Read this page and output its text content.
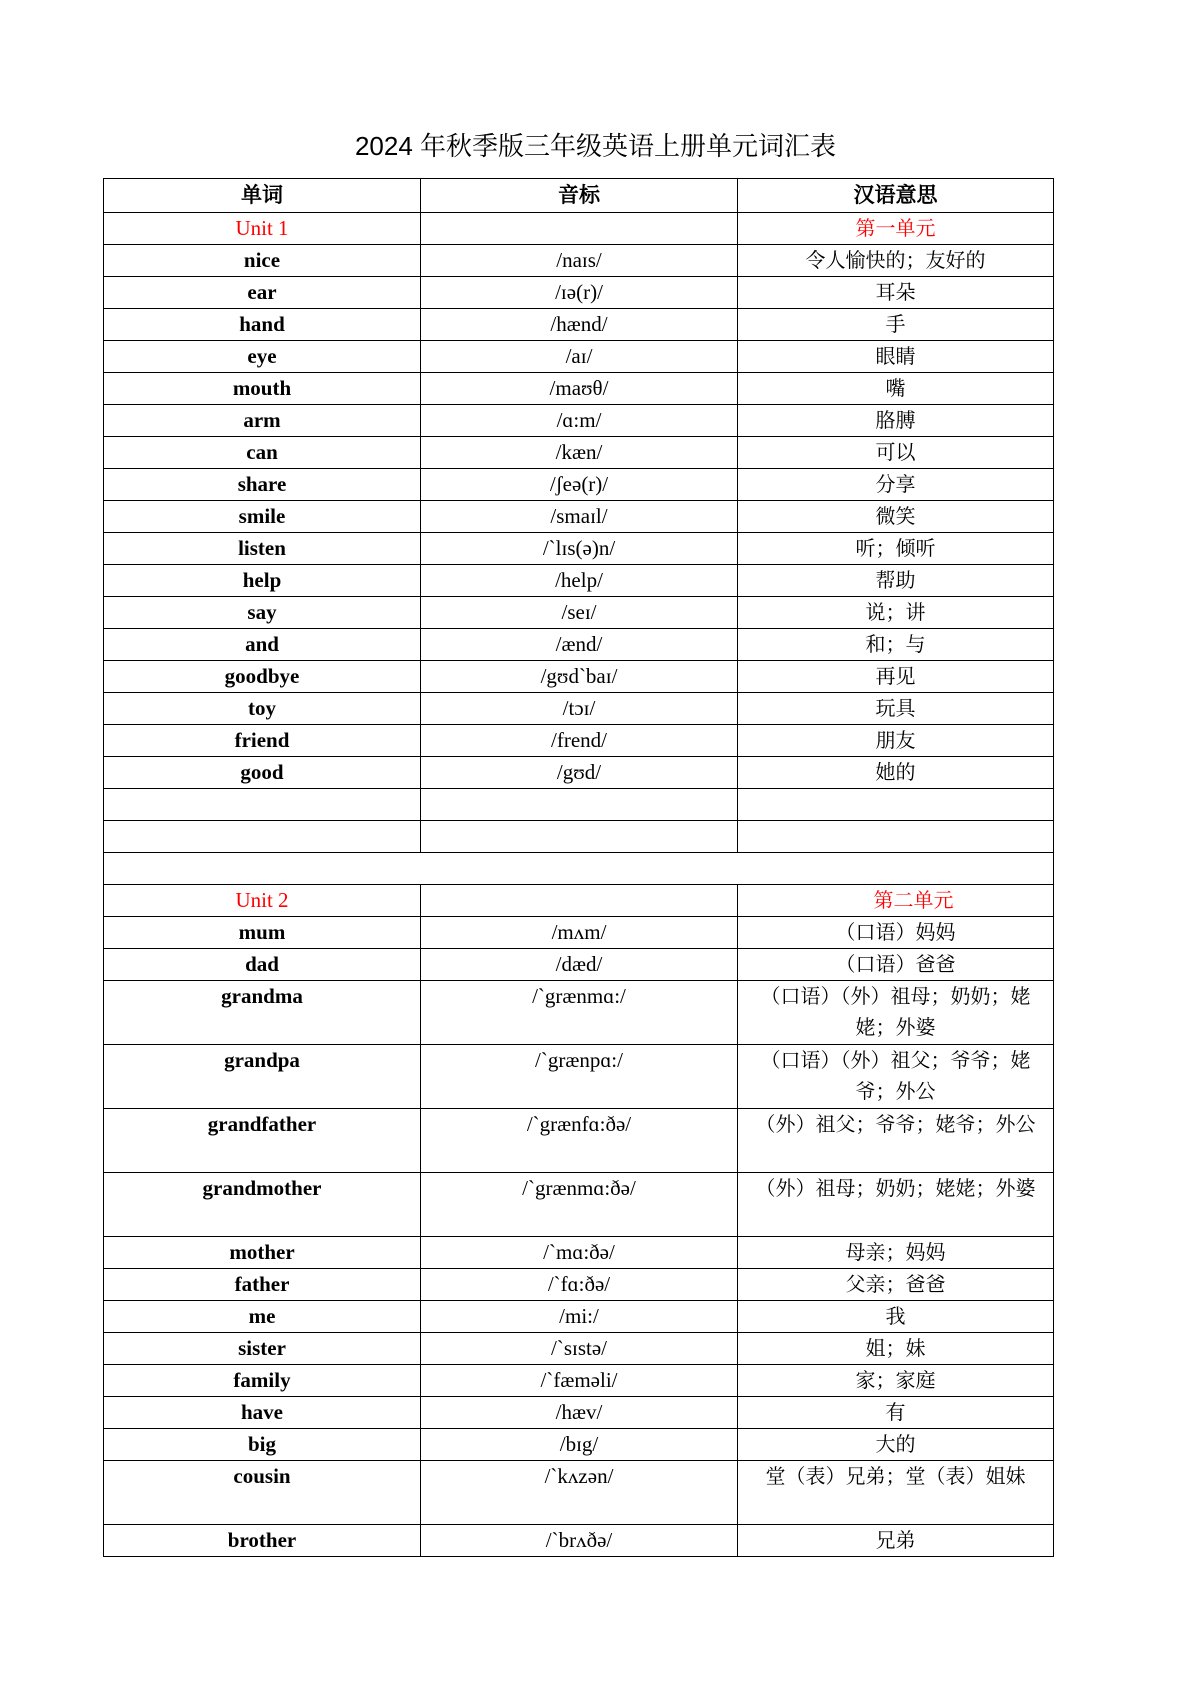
2024 年秋季版三年级英语上册单元词汇表
单词	音标	汉语意思
Unit 1		第一单元
nice	/naɪs/	令人愉快的；友好的
ear	/ɪə(r)/	耳朵
hand	/hænd/	手
eye	/aɪ/	眼睛
mouth	/maʊθ/	嘴
arm	/ɑ:m/	胳膊
can	/kæn/	可以
share	/ʃeə(r)/	分享
smile	/smaɪl/	微笑
listen	/`lɪs(ə)n/	听；倾听
help	/help/	帮助
say	/seɪ/	说；讲
and	/ænd/	和；与
goodbye	/gʊd`baɪ/	再见
toy	/tɔɪ/	玩具
friend	/frend/	朋友
good	/gʊd/	她的

Unit 2		第二单元
mum	/mʌm/	（口语）妈妈
dad	/dæd/	（口语）爸爸
grandma	/`grænmɑ:/	（口语）（外）祖母；奶奶；姥姥；外婆
grandpa	/`grænpɑ:/	（口语）（外）祖父；爷爷；姥爷；外公
grandfather	/`grænfɑ:ðə/	（外）祖父；爷爷；姥爷；外公
grandmother	/`grænmɑ:ðə/	（外）祖母；奶奶；姥姥；外婆
mother	/`mɑ:ðə/	母亲；妈妈
father	/`fɑ:ðə/	父亲；爸爸
me	/mi:/	我
sister	/`sɪstə/	姐；妹
family	/`fæməli/	家；家庭
have	/hæv/	有
big	/bɪg/	大的
cousin	/`kʌzən/	堂（表）兄弟；堂（表）姐妹
brother	/`brʌðə/	兄弟
